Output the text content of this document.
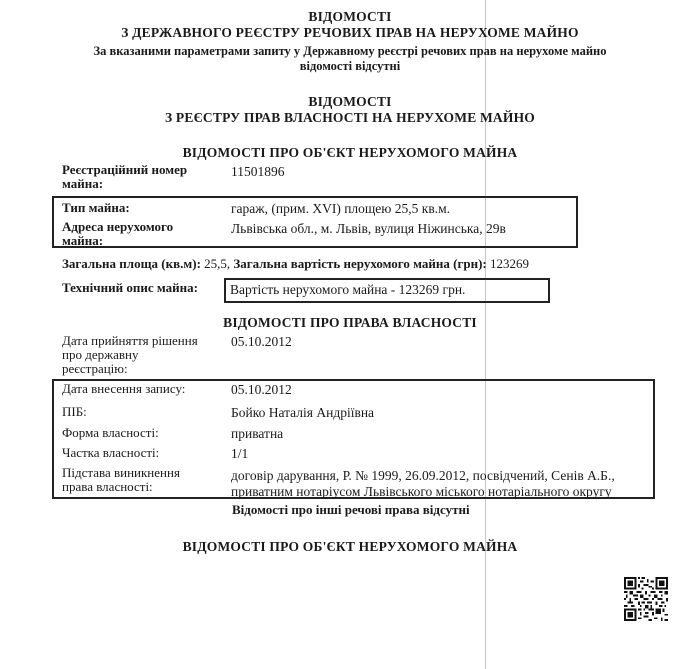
ВІДОМОСТІ
З ДЕРЖАВНОГО РЕЄСТРУ РЕЧОВИХ ПРАВ НА НЕРУХОМЕ МАЙНО
За вказаними параметрами запиту у Державному реєстрі речових прав на нерухоме майно
відомості відсутні
ВІДОМОСТІ
З РЕЄСТРУ ПРАВ ВЛАСНОСТІ НА НЕРУХОМЕ МАЙНО
ВІДОМОСТІ ПРО ОБ'ЄКТ НЕРУХОМОГО МАЙНА
Реєстраційний номер
майна:
11501896
Тип майна:	гараж, (прим. XVI) площею 25,5 кв.м.
Адреса нерухомого
майна:
Львівська обл., м. Львів, вулиця Ніжинська, 29в
Загальна площа (кв.м): 25,5, Загальна вартість нерухомого майна (грн): 123269
Технічний опис майна: Вартість нерухомого майна - 123269 грн.
ВІДОМОСТІ ПРО ПРАВА ВЛАСНОСТІ
Дата прийняття рішення
про державну
реєстрацію:
05.10.2012
Дата внесення запису:	05.10.2012
ПІБ:	Бойко Наталія Андріївна
Форма власності:	приватна
Частка власності:	1/1
Підстава виникнення
права власності:
договір дарування, Р. № 1999, 26.09.2012, посвідчений, Сенів А.Б.,
приватним нотаріусом Львівського міського нотаріального округу
Відомості про інші речові права відсутні
ВІДОМОСТІ ПРО ОБ'ЄКТ НЕРУХОМОГО МАЙНА
